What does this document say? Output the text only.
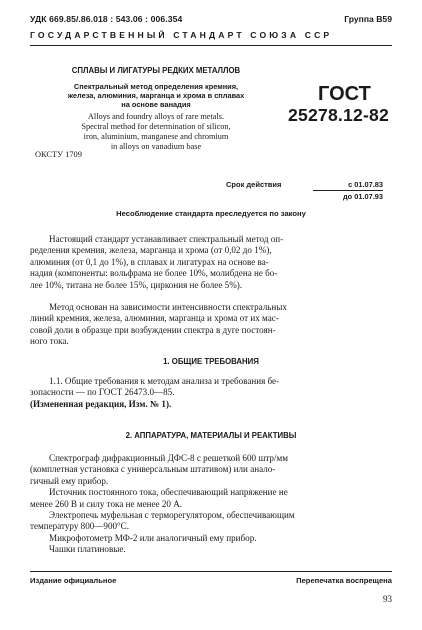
УДК 669.85/.86.018 : 543.06 : 006.354	Группа В59
ГОСУДАРСТВЕННЫЙ СТАНДАРТ СОЮЗА ССР
СПЛАВЫ И ЛИГАТУРЫ РЕДКИХ МЕТАЛЛОВ
Спектральный метод определения кремния,
железа, алюминия, марганца и хрома в сплавах
на основе ванадия
Alloys and foundry alloys of rare metals.
Spectral method for determination of silicon,
iron, aluminium, manganese and chromium
in alloys on vanadium base
ОКСТУ 1709
ГОСТ
25278.12-82
Срок действия	с 01.07.83
до 01.07.93
Несоблюдение стандарта преследуется по закону
Настоящий стандарт устанавливает спектральный метод оп-
ределения кремния, железа, марганца и хрома (от 0,02 до 1%),
алюминия (от 0,1 до 1%), в сплавах и лигатурах на основе ва-
надия (компоненты: вольфрама не более 10%, молибдена не бо-
лее 10%, титана не более 15%, циркония не более 5%).
Метод основан на зависимости интенсивности спектральных
линий кремния, железа, алюминия, марганца и хрома от их мас-
совой доли в образце при возбуждении спектра в дуге постоян-
ного тока.
1. ОБЩИЕ ТРЕБОВАНИЯ
1.1. Общие требования к методам анализа и требования бе-
зопасности — по ГОСТ 26473.0—85.
(Измененная редакция, Изм. № 1).
2. АППАРАТУРА, МАТЕРИАЛЫ И РЕАКТИВЫ
Спектрограф дифракционный ДФС-8 с решеткой 600 штр/мм
(комплетная установка с универсальным штативом) или анало-
гичный ему прибор.
Источник постоянного тока, обеспечивающий напряжение не
менее 260 В и силу тока не менее 20 А.
Электропечь муфельная с терморегулятором, обеспечивающим
температуру 800—900°С.
Микрофотометр МФ-2 или аналогичный ему прибор.
Чашки платиновые.
Издание официальное	Перепечатка воспрещена
93
